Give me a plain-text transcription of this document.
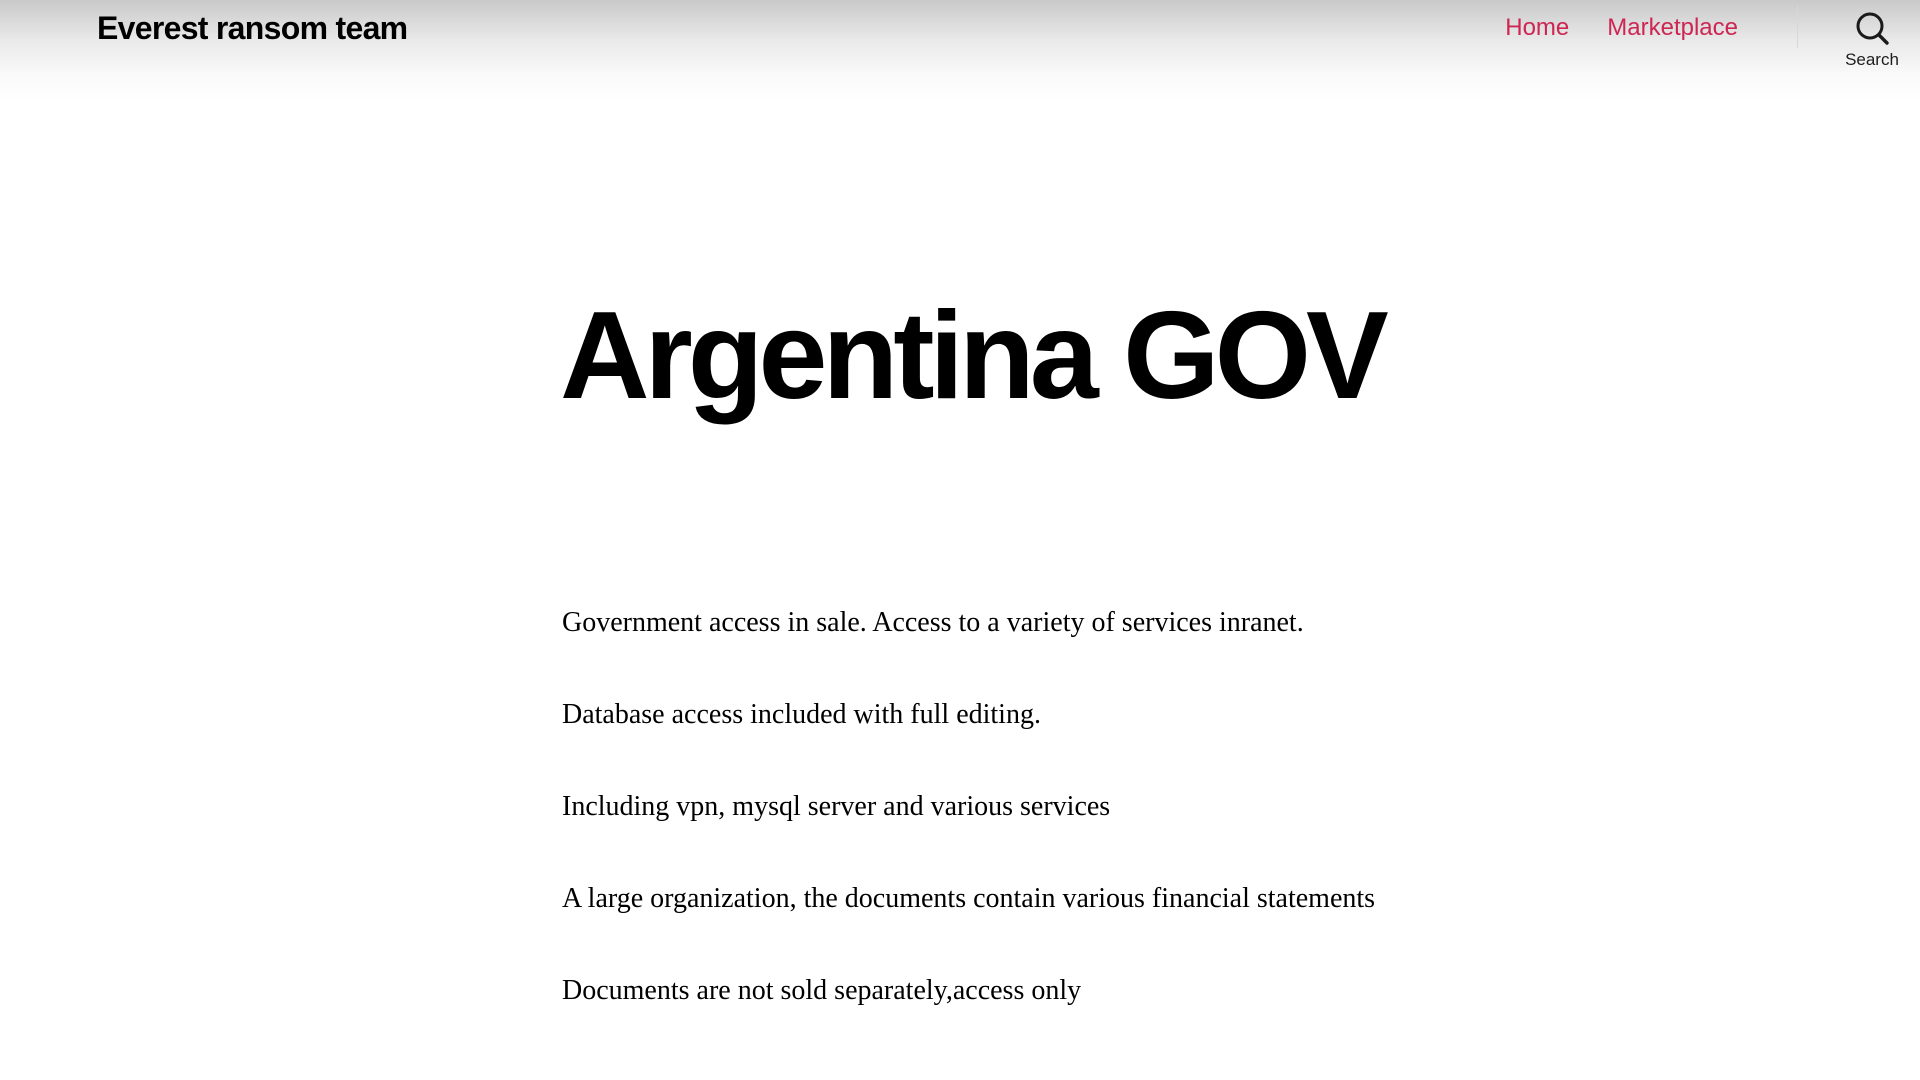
Everest ransom team	Home Marketplace
Search
Argentina GOV

Government access in sale. Access to a variety of services inranet.

Database access included with full editing.

Including vpn, mysql server and various services

A large organization, the documents contain various financial statements

Documents are not sold separately,access only
